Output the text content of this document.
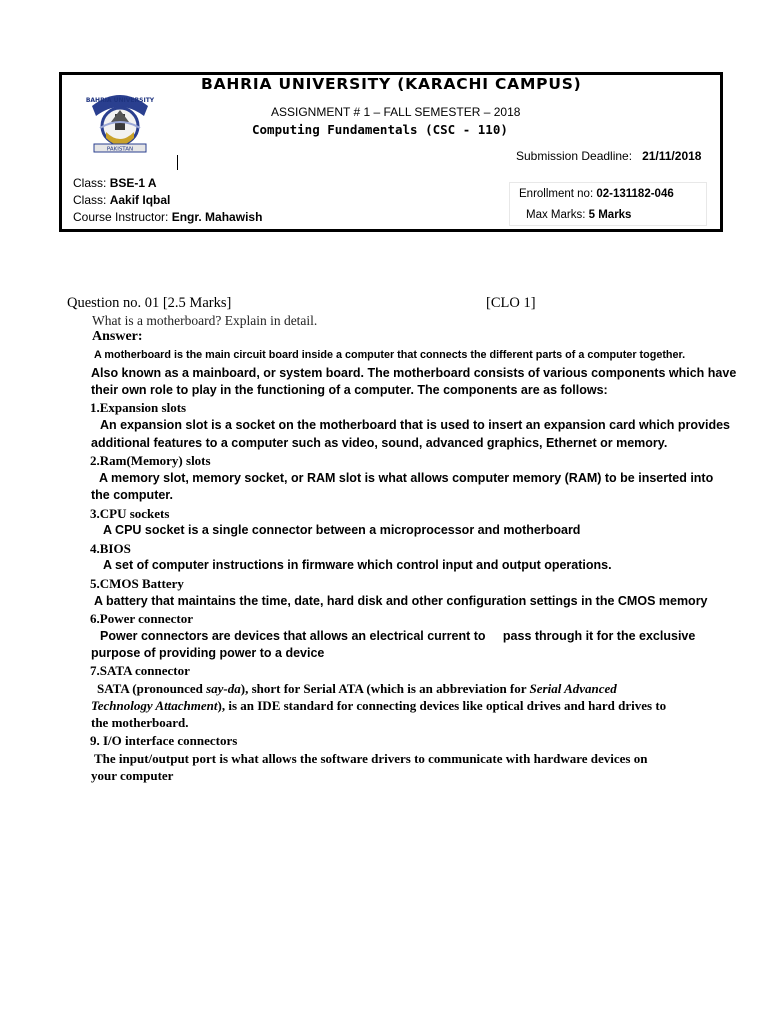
BAHRIA UNIVERSITY
PAKISTAN
BAHRIA UNIVERSITY (KARACHI CAMPUS)
ASSIGNMENT # 1 – FALL SEMESTER – 2018
Computing Fundamentals (CSC - 110)
Submission Deadline: 21/11/2018
Class: BSE-1 A
Class: Aakif Iqbal
Course Instructor: Engr. Mahawish
Enrollment no: 02-131182-046
Max Marks: 5 Marks
Question no. 01 [2.5 Marks]	[CLO 1]
What is a motherboard? Explain in detail.
Answer:
A motherboard is the main circuit board inside a computer that connects the different parts of a computer together.
Also known as a mainboard, or system board. The motherboard consists of various components which have
their own role to play in the functioning of a computer. The components are as follows:
1.Expansion slots
An expansion slot is a socket on the motherboard that is used to insert an expansion card which provides
additional features to a computer such as video, sound, advanced graphics, Ethernet or memory.
2.Ram(Memory) slots
A memory slot, memory socket, or RAM slot is what allows computer memory (RAM) to be inserted into
the computer.
3.CPU sockets
A CPU socket is a single connector between a microprocessor and motherboard
4.BIOS
A set of computer instructions in firmware which control input and output operations.
5.CMOS Battery
A battery that maintains the time, date, hard disk and other configuration settings in the CMOS memory
6.Power connector
Power connectors are devices that allows an electrical current to     pass through it for the exclusive
purpose of providing power to a device
7.SATA connector
SATA (pronounced say-da), short for Serial ATA (which is an abbreviation for Serial Advanced
Technology Attachment), is an IDE standard for connecting devices like optical drives and hard drives to
the motherboard.
9. I/O interface connectors
The input/output port is what allows the software drivers to communicate with hardware devices on
your computer
